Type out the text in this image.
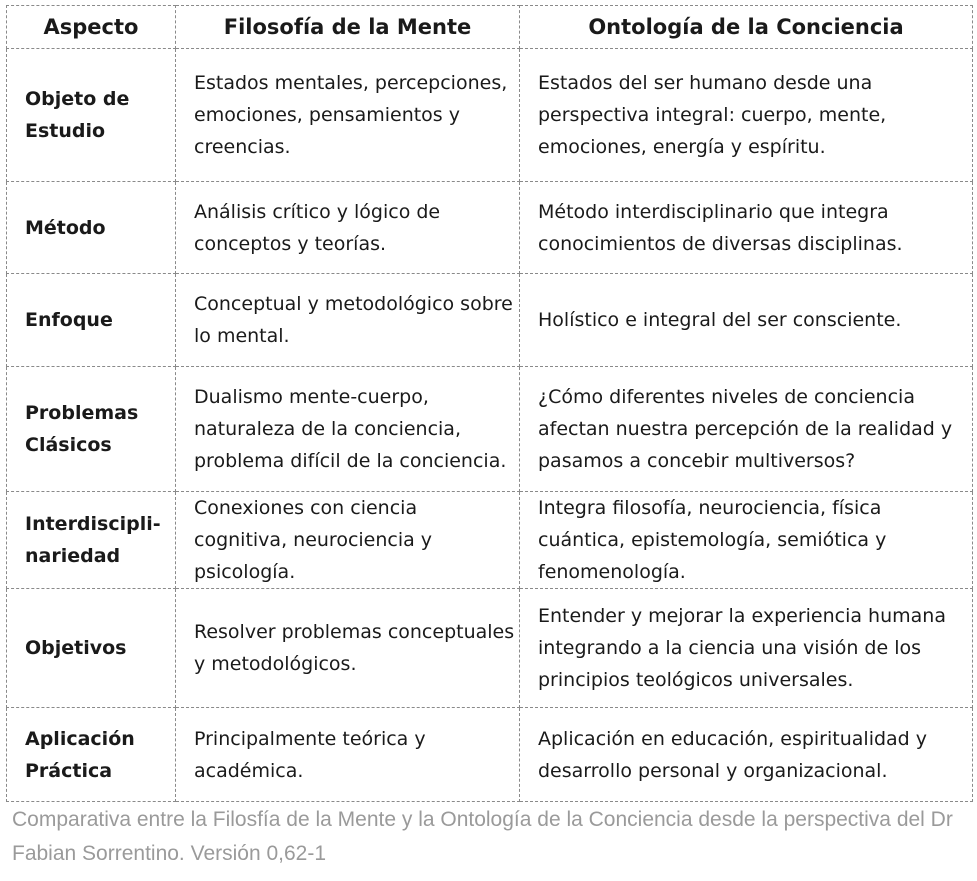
Aspecto	Filosofía de la Mente	Ontología de la Conciencia
Objeto de Estudio	Estados mentales, percepciones, emociones, pensamientos y creencias.	Estados del ser humano desde una perspectiva integral: cuerpo, mente, emociones, energía y espíritu.
Método	Análisis crítico y lógico de conceptos y teorías.	Método interdisciplinario que integra conocimientos de diversas disciplinas.
Enfoque	Conceptual y metodológico sobre lo mental.	Holístico e integral del ser consciente.
Problemas Clásicos	Dualismo mente-cuerpo, naturaleza de la conciencia, problema difícil de la conciencia.	¿Cómo diferentes niveles de conciencia afectan nuestra percepción de la realidad y pasamos a concebir multiversos?
Interdiscipli-nariedad	Conexiones con ciencia cognitiva, neurociencia y psicología.	Integra filosofía, neurociencia, física cuántica, epistemología, semiótica y fenomenología.
Objetivos	Resolver problemas conceptuales y metodológicos.	Entender y mejorar la experiencia humana integrando a la ciencia una visión de los principios teológicos universales.
Aplicación Práctica	Principalmente teórica y académica.	Aplicación en educación, espiritualidad y desarrollo personal y organizacional.
Comparativa entre la Filosfía de la Mente y la Ontología de la Conciencia desde la perspectiva del Dr Fabian Sorrentino. Versión 0,62-1
